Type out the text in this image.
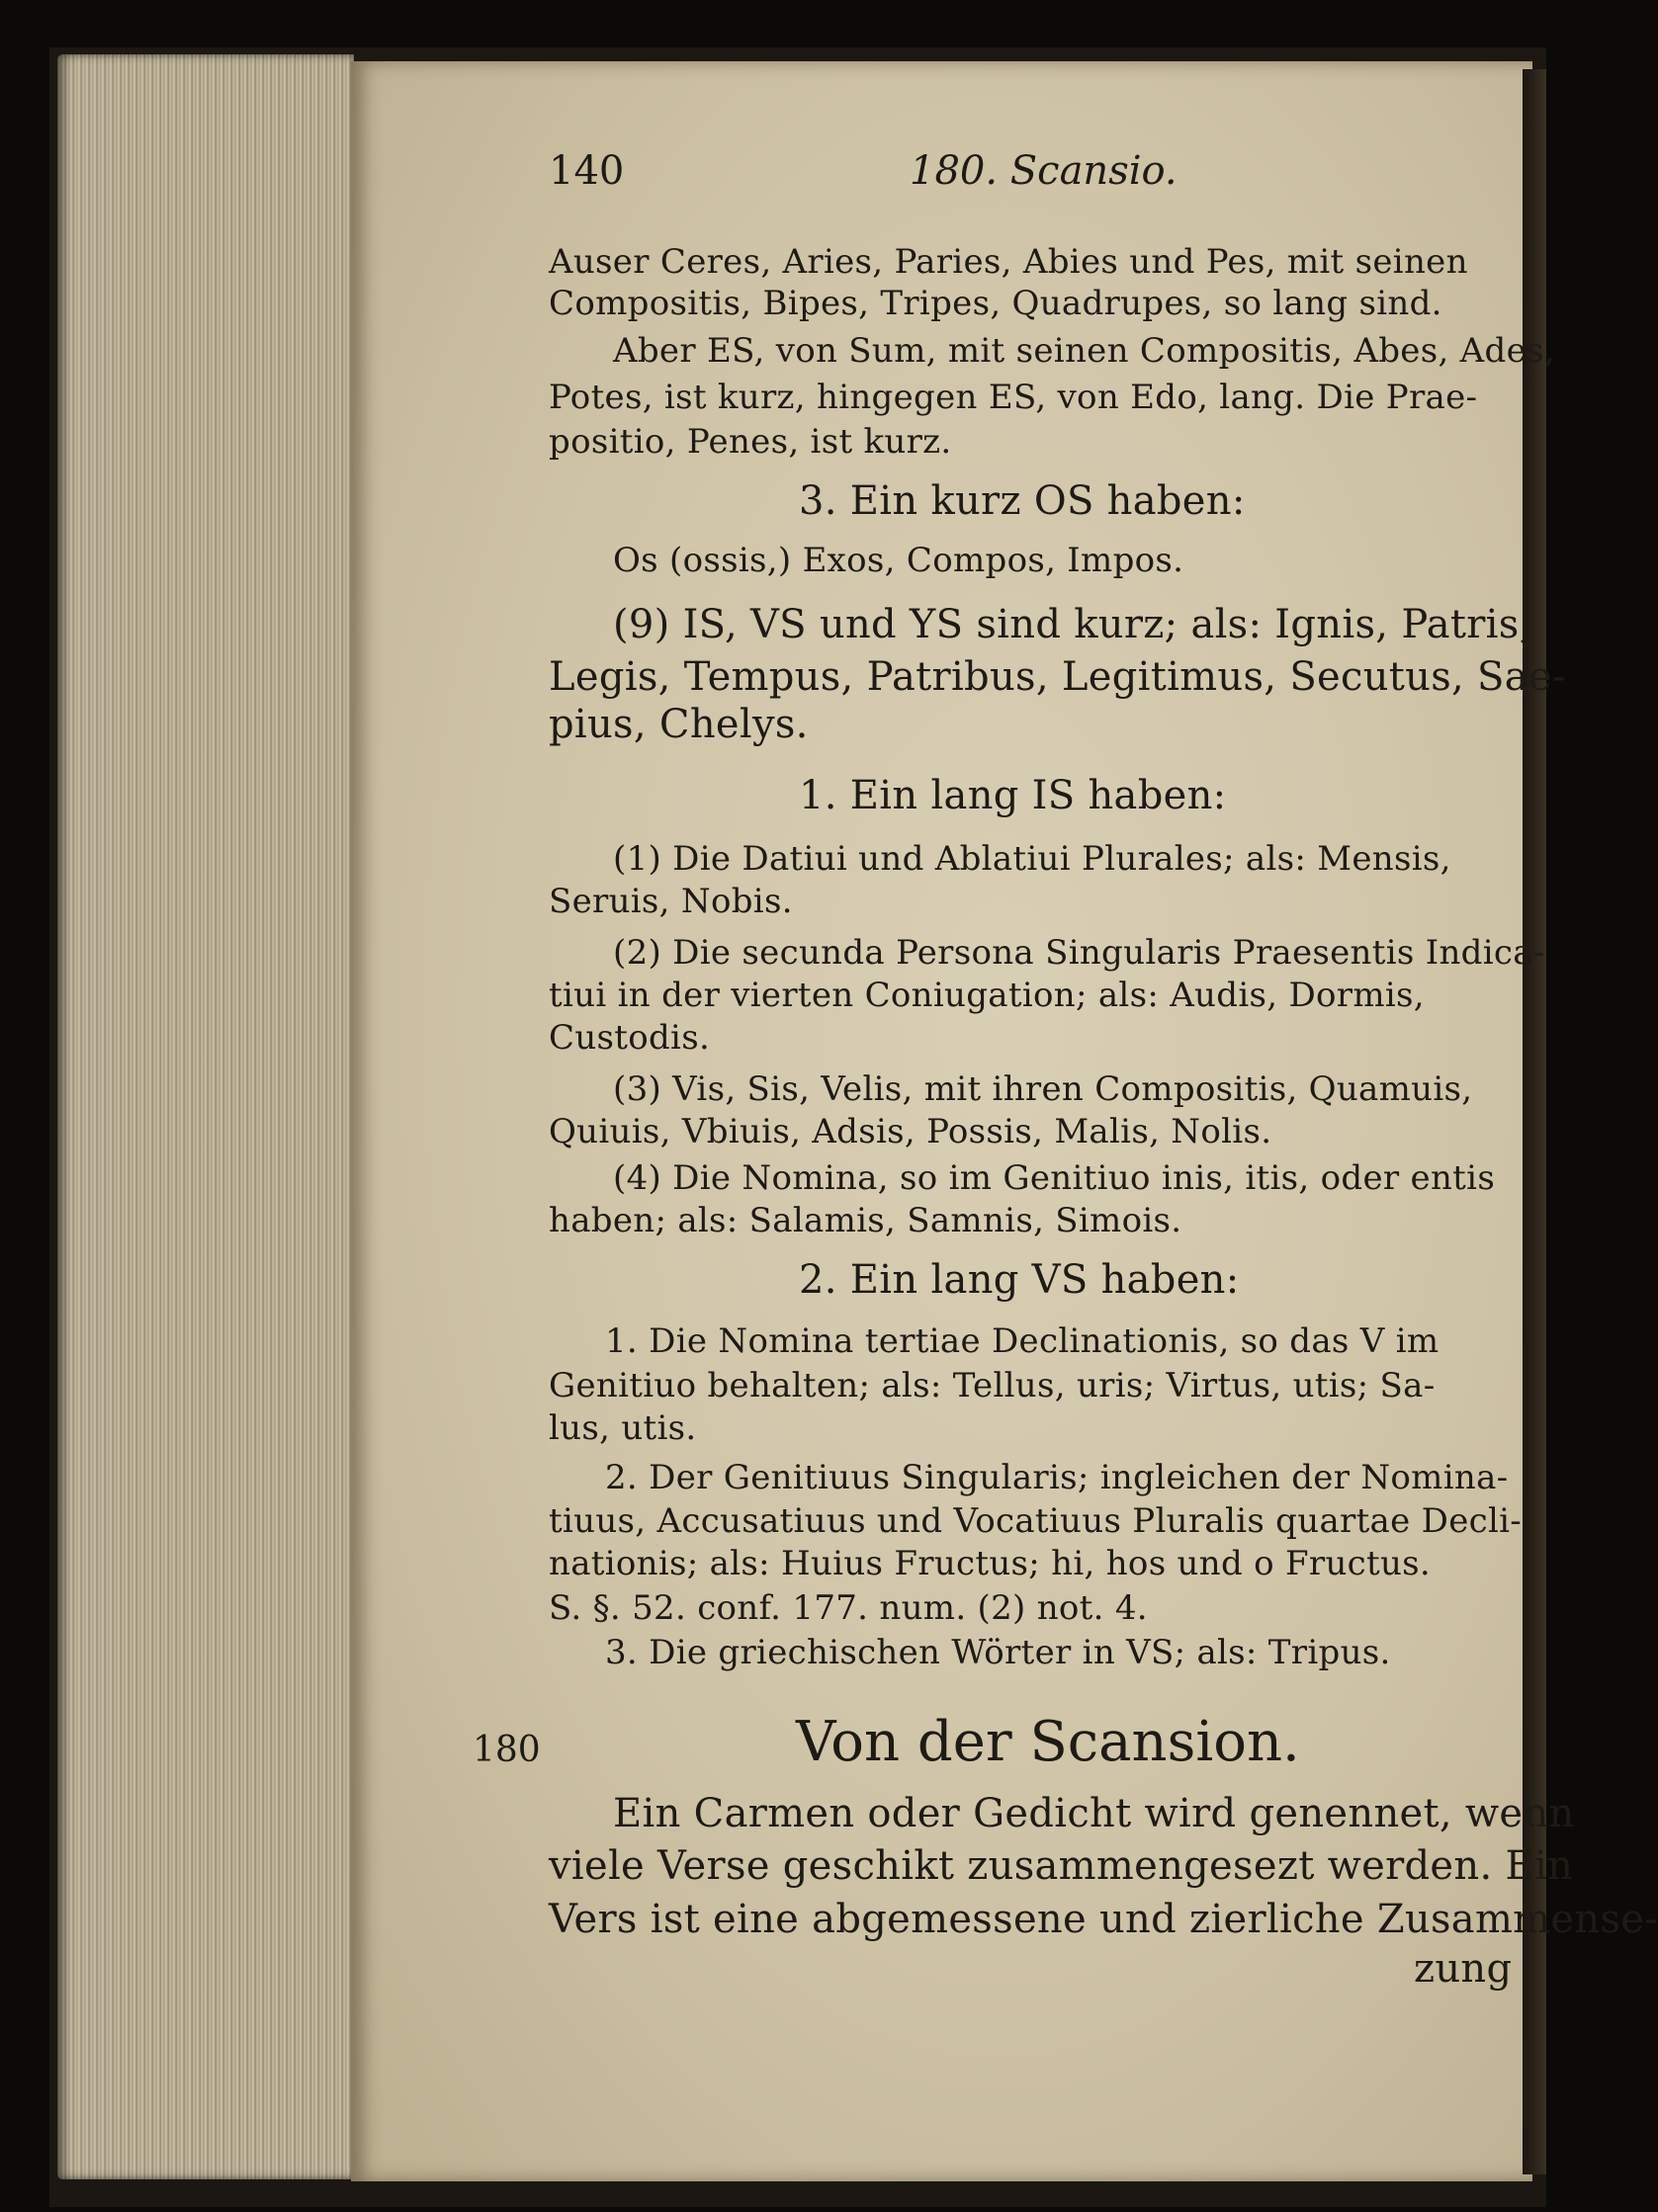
140	180. Scansio.
Auser Ceres, Aries, Paries, Abies und Pes, mit seinen
Compositis, Bipes, Tripes, Quadrupes, so lang sind.
Aber ES, von Sum, mit seinen Compositis, Abes, Ades,
Potes, ist kurz, hingegen ES, von Edo, lang. Die Prae-
positio, Penes, ist kurz.
3. Ein kurz OS haben:
Os (ossis,) Exos, Compos, Impos.
(9) IS, VS und YS sind kurz; als: Ignis, Patris,
Legis, Tempus, Patribus, Legitimus, Secutus, Sae-
pius, Chelys.
1. Ein lang IS haben:
(1) Die Datiui und Ablatiui Plurales; als: Mensis,
Seruis, Nobis.
(2) Die secunda Persona Singularis Praesentis Indica-
tiui in der vierten Coniugation; als: Audis, Dormis,
Custodis.
(3) Vis, Sis, Velis, mit ihren Compositis, Quamuis,
Quiuis, Vbiuis, Adsis, Possis, Malis, Nolis.
(4) Die Nomina, so im Genitiuo inis, itis, oder entis
haben; als: Salamis, Samnis, Simois.
2. Ein lang VS haben:
1. Die Nomina tertiae Declinationis, so das V im
Genitiuo behalten; als: Tellus, uris; Virtus, utis; Sa-
lus, utis.
2. Der Genitiuus Singularis; ingleichen der Nomina-
tiuus, Accusatiuus und Vocatiuus Pluralis quartae Decli-
nationis; als: Huius Fructus; hi, hos und o Fructus.
S. §. 52. conf. 177. num. (2) not. 4.
3. Die griechischen Wörter in VS; als: Tripus.
180	Von der Scansion.
Ein Carmen oder Gedicht wird genennet, wenn
viele Verse geschikt zusammengesezt werden. Ein
Vers ist eine abgemessene und zierliche Zusammense-
zung
